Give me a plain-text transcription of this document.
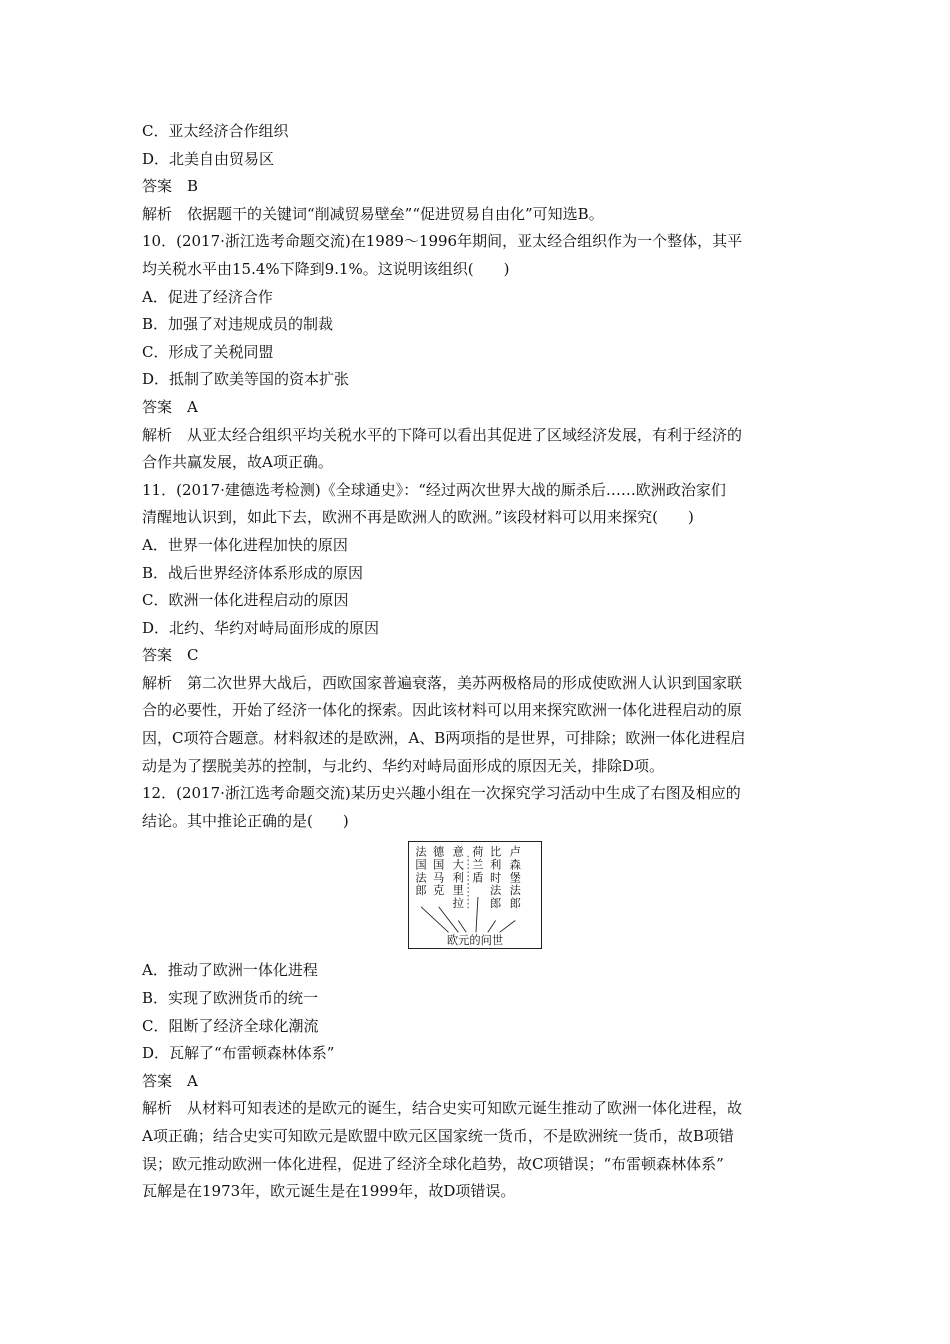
C．亚太经济合作组织
D．北美自由贸易区
答案　B
解析　依据题干的关键词“削减贸易壁垒”“促进贸易自由化”可知选B。
10．(2017·浙江选考命题交流)在1989～1996年期间，亚太经合组织作为一个整体，其平
均关税水平由15.4%下降到9.1%。这说明该组织(　　)
A．促进了经济合作
B．加强了对违规成员的制裁
C．形成了关税同盟
D．抵制了欧美等国的资本扩张
答案　A
解析　从亚太经合组织平均关税水平的下降可以看出其促进了区域经济发展，有利于经济的
合作共赢发展，故A项正确。
11．(2017·建德选考检测)《全球通史》：“经过两次世界大战的厮杀后……欧洲政治家们
清醒地认识到，如此下去，欧洲不再是欧洲人的欧洲。”该段材料可以用来探究(　　)
A．世界一体化进程加快的原因
B．战后世界经济体系形成的原因
C．欧洲一体化进程启动的原因
D．北约、华约对峙局面形成的原因
答案　C
解析　第二次世界大战后，西欧国家普遍衰落，美苏两极格局的形成使欧洲人认识到国家联
合的必要性，开始了经济一体化的探索。因此该材料可以用来探究欧洲一体化进程启动的原
因，C项符合题意。材料叙述的是欧洲，A、B两项指的是世界，可排除；欧洲一体化进程启
动是为了摆脱美苏的控制，与北约、华约对峙局面形成的原因无关，排除D项。
12．(2017·浙江选考命题交流)某历史兴趣小组在一次探究学习活动中生成了右图及相应的
结论。其中推论正确的是(　　)
法国法郎
德国马克
意大利里拉
荷兰盾
比利时法郎
卢森堡法郎
欧元的问世
A．推动了欧洲一体化进程
B．实现了欧洲货币的统一
C．阻断了经济全球化潮流
D．瓦解了“布雷顿森林体系”
答案　A
解析　从材料可知表述的是欧元的诞生，结合史实可知欧元诞生推动了欧洲一体化进程，故
A项正确；结合史实可知欧元是欧盟中欧元区国家统一货币，不是欧洲统一货币，故B项错
误；欧元推动欧洲一体化进程，促进了经济全球化趋势，故C项错误；“布雷顿森林体系”
瓦解是在1973年，欧元诞生是在1999年，故D项错误。
